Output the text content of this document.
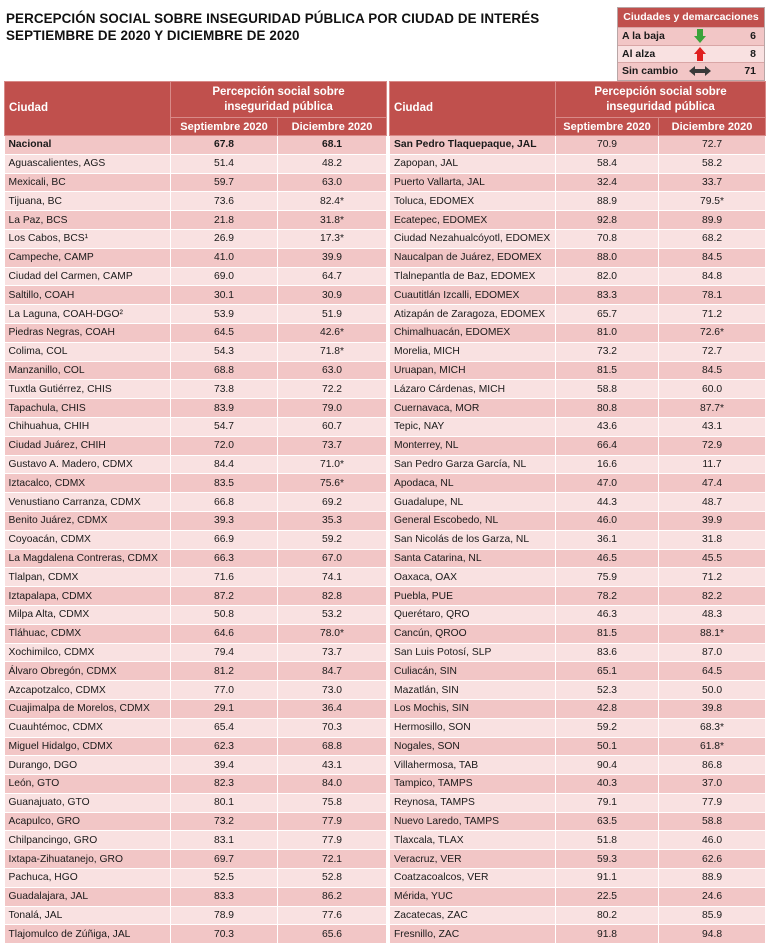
PERCEPCIÓN SOCIAL SOBRE INSEGURIDAD PÚBLICA POR CIUDAD DE INTERÉS
SEPTIEMBRE DE 2020 Y DICIEMBRE DE 2020
Ciudades y demarcaciones
A la baja	6
Al alza	8
Sin cambio	71
Ciudad	Percepción social sobre inseguridad pública			Ciudad	Percepción social sobre inseguridad pública	
	Septiembre 2020	Diciembre 2020			Septiembre 2020	Diciembre 2020
Nacional	67.8	68.1		San Pedro Tlaquepaque, JAL	70.9	72.7
Aguascalientes, AGS	51.4	48.2		Zapopan, JAL	58.4	58.2
Mexicali, BC	59.7	63.0		Puerto Vallarta, JAL	32.4	33.7
Tijuana, BC	73.6	82.4*		Toluca, EDOMEX	88.9	79.5*
La Paz, BCS	21.8	31.8*		Ecatepec, EDOMEX	92.8	89.9
Los Cabos, BCS¹	26.9	17.3*		Ciudad Nezahualcóyotl, EDOMEX	70.8	68.2
Campeche, CAMP	41.0	39.9		Naucalpan de Juárez, EDOMEX	88.0	84.5
Ciudad del Carmen, CAMP	69.0	64.7		Tlalnepantla de Baz, EDOMEX	82.0	84.8
Saltillo, COAH	30.1	30.9		Cuautitlán Izcalli, EDOMEX	83.3	78.1
La Laguna, COAH-DGO²	53.9	51.9		Atizapán de Zaragoza, EDOMEX	65.7	71.2
Piedras Negras, COAH	64.5	42.6*		Chimalhuacán, EDOMEX	81.0	72.6*
Colima, COL	54.3	71.8*		Morelia, MICH	73.2	72.7
Manzanillo, COL	68.8	63.0		Uruapan, MICH	81.5	84.5
Tuxtla Gutiérrez, CHIS	73.8	72.2		Lázaro Cárdenas, MICH	58.8	60.0
Tapachula, CHIS	83.9	79.0		Cuernavaca, MOR	80.8	87.7*
Chihuahua, CHIH	54.7	60.7		Tepic, NAY	43.6	43.1
Ciudad Juárez, CHIH	72.0	73.7		Monterrey, NL	66.4	72.9
Gustavo A. Madero, CDMX	84.4	71.0*		San Pedro Garza García, NL	16.6	11.7
Iztacalco, CDMX	83.5	75.6*		Apodaca, NL	47.0	47.4
Venustiano Carranza, CDMX	66.8	69.2		Guadalupe, NL	44.3	48.7
Benito Juárez, CDMX	39.3	35.3		General Escobedo, NL	46.0	39.9
Coyoacán, CDMX	66.9	59.2		San Nicolás de los Garza, NL	36.1	31.8
La Magdalena Contreras, CDMX	66.3	67.0		Santa Catarina, NL	46.5	45.5
Tlalpan, CDMX	71.6	74.1		Oaxaca, OAX	75.9	71.2
Iztapalapa, CDMX	87.2	82.8		Puebla, PUE	78.2	82.2
Milpa Alta, CDMX	50.8	53.2		Querétaro, QRO	46.3	48.3
Tláhuac, CDMX	64.6	78.0*		Cancún, QROO	81.5	88.1*
Xochimilco, CDMX	79.4	73.7		San Luis Potosí, SLP	83.6	87.0
Álvaro Obregón, CDMX	81.2	84.7		Culiacán, SIN	65.1	64.5
Azcapotzalco, CDMX	77.0	73.0		Mazatlán, SIN	52.3	50.0
Cuajimalpa de Morelos, CDMX	29.1	36.4		Los Mochis, SIN	42.8	39.8
Cuauhtémoc, CDMX	65.4	70.3		Hermosillo, SON	59.2	68.3*
Miguel Hidalgo, CDMX	62.3	68.8		Nogales, SON	50.1	61.8*
Durango, DGO	39.4	43.1		Villahermosa, TAB	90.4	86.8
León, GTO	82.3	84.0		Tampico, TAMPS	40.3	37.0
Guanajuato, GTO	80.1	75.8		Reynosa, TAMPS	79.1	77.9
Acapulco, GRO	73.2	77.9		Nuevo Laredo, TAMPS	63.5	58.8
Chilpancingo, GRO	83.1	77.9		Tlaxcala, TLAX	51.8	46.0
Ixtapa-Zihuatanejo, GRO	69.7	72.1		Veracruz, VER	59.3	62.6
Pachuca, HGO	52.5	52.8		Coatzacoalcos, VER	91.1	88.9
Guadalajara, JAL	83.3	86.2		Mérida, YUC	22.5	24.6
Tonalá, JAL	78.9	77.6		Zacatecas, ZAC	80.2	85.9
Tlajomulco de Zúñiga, JAL	70.3	65.6		Fresnillo, ZAC	91.8	94.8
